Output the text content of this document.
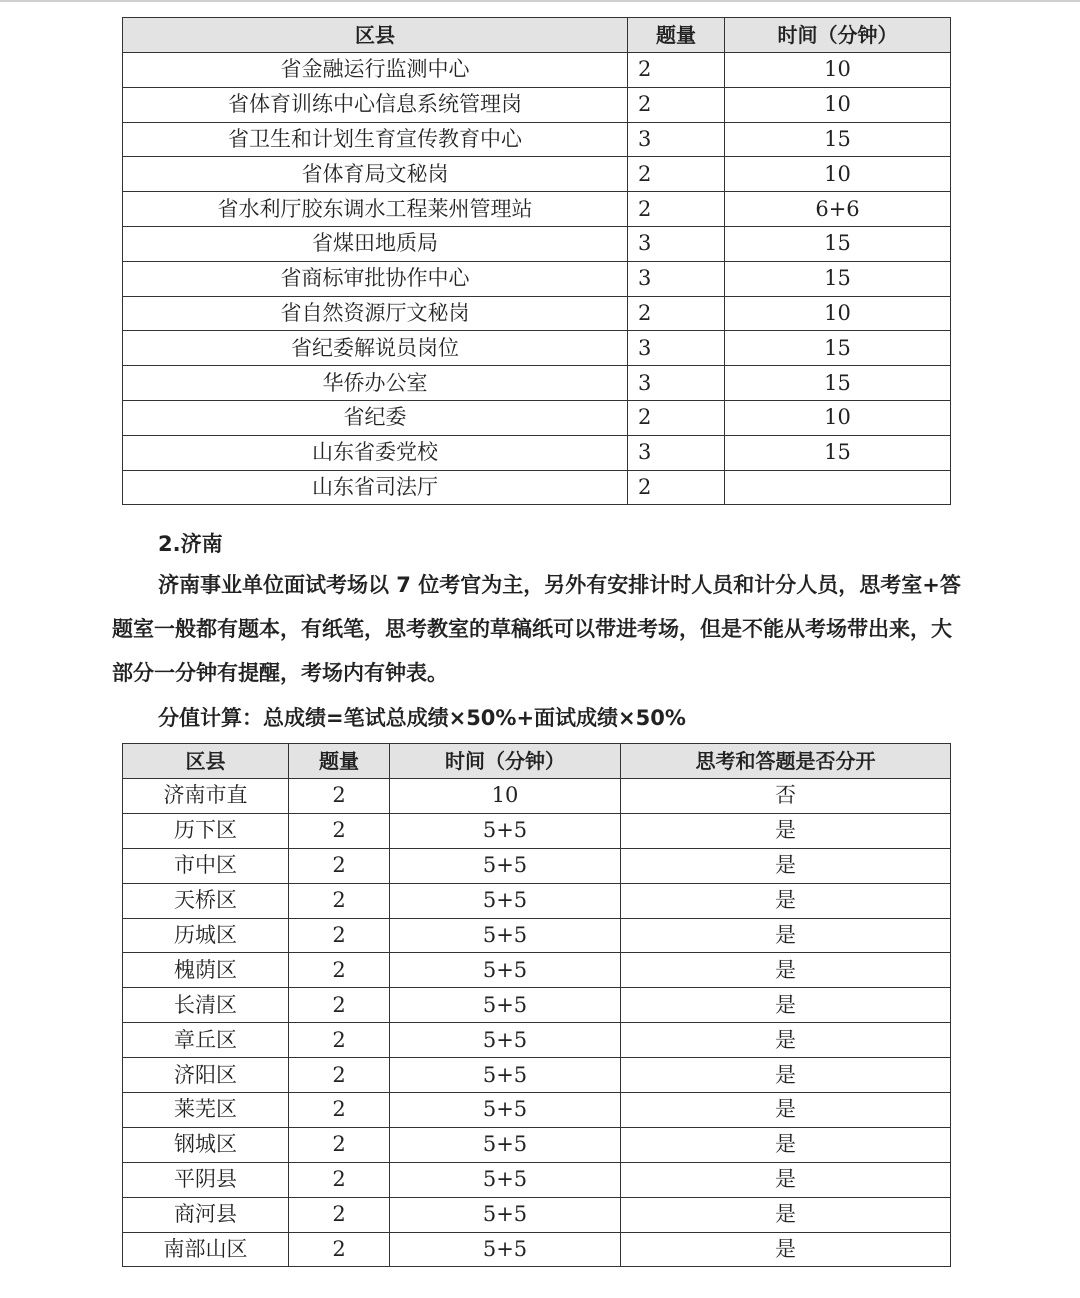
区县	题量	时间（分钟）
省金融运行监测中心	2	10
省体育训练中心信息系统管理岗	2	10
省卫生和计划生育宣传教育中心	3	15
省体育局文秘岗	2	10
省水利厅胶东调水工程莱州管理站	2	6+6
省煤田地质局	3	15
省商标审批协作中心	3	15
省自然资源厅文秘岗	2	10
省纪委解说员岗位	3	15
华侨办公室	3	15
省纪委	2	10
山东省委党校	3	15
山东省司法厅	2	
2.济南
济南事业单位面试考场以 7 位考官为主，另外有安排计时人员和计分人员，思考室+答题室一般都有题本，有纸笔，思考教室的草稿纸可以带进考场，但是不能从考场带出来，大部分一分钟有提醒，考场内有钟表。
分值计算：总成绩=笔试总成绩×50%+面试成绩×50%
区县	题量	时间（分钟）	思考和答题是否分开
济南市直	2	10	否
历下区	2	5+5	是
市中区	2	5+5	是
天桥区	2	5+5	是
历城区	2	5+5	是
槐荫区	2	5+5	是
长清区	2	5+5	是
章丘区	2	5+5	是
济阳区	2	5+5	是
莱芜区	2	5+5	是
钢城区	2	5+5	是
平阴县	2	5+5	是
商河县	2	5+5	是
南部山区	2	5+5	是
